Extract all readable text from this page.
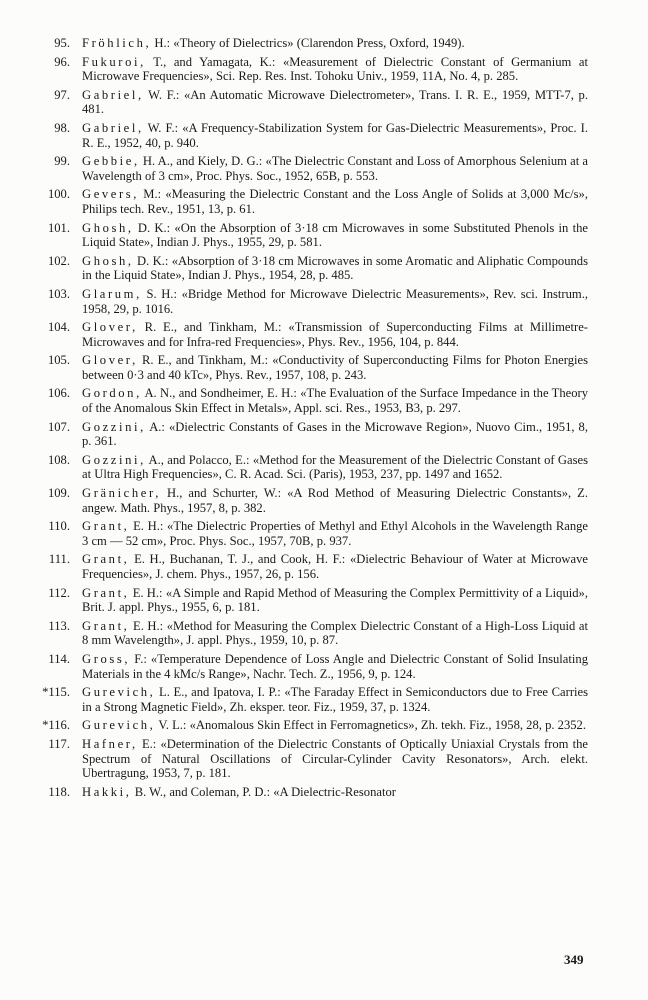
95. Fröhlich, H.: «Theory of Dielectrics» (Clarendon Press, Oxford, 1949).

96. Fukuroi, T., and Yamagata, K.: «Measurement of Dielectric Constant of Germanium at Microwave Frequencies», Sci. Rep. Res. Inst. Tohoku Univ., 1959, 11A, No. 4, p. 285.

97. Gabriel, W. F.: «An Automatic Microwave Dielectrometer», Trans. I. R. E., 1959, MTT-7, p. 481.

98. Gabriel, W. F.: «A Frequency-Stabilization System for Gas-Dielectric Measurements», Proc. I. R. E., 1952, 40, p. 940.

99. Gebbie, H. A., and Kiely, D. G.: «The Dielectric Constant and Loss of Amorphous Selenium at a Wavelength of 3 cm», Proc. Phys. Soc., 1952, 65B, p. 553.

100. Gevers, M.: «Measuring the Dielectric Constant and the Loss Angle of Solids at 3,000 Mc/s», Philips tech. Rev., 1951, 13, p. 61.

101. Ghosh, D. K.: «On the Absorption of 3·18 cm Microwaves in some Substituted Phenols in the Liquid State», Indian J. Phys., 1955, 29, p. 581.

102. Ghosh, D. K.: «Absorption of 3·18 cm Microwaves in some Aromatic and Aliphatic Compounds in the Liquid State», Indian J. Phys., 1954, 28, p. 485.

103. Glarum, S. H.: «Bridge Method for Microwave Dielectric Measurements», Rev. sci. Instrum., 1958, 29, p. 1016.

104. Glover, R. E., and Tinkham, M.: «Transmission of Superconducting Films at Millimetre-Microwaves and for Infra-red Frequencies», Phys. Rev., 1956, 104, p. 844.

105. Glover, R. E., and Tinkham, M.: «Conductivity of Superconducting Films for Photon Energies between 0·3 and 40 kTc», Phys. Rev., 1957, 108, p. 243.

106. Gordon, A. N., and Sondheimer, E. H.: «The Evaluation of the Surface Impedance in the Theory of the Anomalous Skin Effect in Metals», Appl. sci. Res., 1953, B3, p. 297.

107. Gozzini, A.: «Dielectric Constants of Gases in the Microwave Region», Nuovo Cim., 1951, 8, p. 361.

108. Gozzini, A., and Polacco, E.: «Method for the Measurement of the Dielectric Constant of Gases at Ultra High Frequencies», C. R. Acad. Sci. (Paris), 1953, 237, pp. 1497 and 1652.

109. Gränicher, H., and Schurter, W.: «A Rod Method of Measuring Dielectric Constants», Z. angew. Math. Phys., 1957, 8, p. 382.

110. Grant, E. H.: «The Dielectric Properties of Methyl and Ethyl Alcohols in the Wavelength Range 3 cm — 52 cm», Proc. Phys. Soc., 1957, 70B, p. 937.

111. Grant, E. H., Buchanan, T. J., and Cook, H. F.: «Dielectric Behaviour of Water at Microwave Frequencies», J. chem. Phys., 1957, 26, p. 156.

112. Grant, E. H.: «A Simple and Rapid Method of Measuring the Complex Permittivity of a Liquid», Brit. J. appl. Phys., 1955, 6, p. 181.

113. Grant, E. H.: «Method for Measuring the Complex Dielectric Constant of a High-Loss Liquid at 8 mm Wavelength», J. appl. Phys., 1959, 10, p. 87.

114. Gross, F.: «Temperature Dependence of Loss Angle and Dielectric Constant of Solid Insulating Materials in the 4 kMc/s Range», Nachr. Tech. Z., 1956, 9, p. 124.

*115. Gurevich, L. E., and Ipatova, I. P.: «The Faraday Effect in Semiconductors due to Free Carries in a Strong Magnetic Field», Zh. eksper. teor. Fiz., 1959, 37, p. 1324.

*116. Gurevich, V. L.: «Anomalous Skin Effect in Ferromagnetics», Zh. tekh. Fiz., 1958, 28, p. 2352.

117. Hafner, E.: «Determination of the Dielectric Constants of Optically Uniaxial Crystals from the Spectrum of Natural Oscillations of Circular-Cylinder Cavity Resonators», Arch. elekt. Ubertragung, 1953, 7, p. 181.

118. Hakki, B. W., and Coleman, P. D.: «A Dielectric-Resonator

349
